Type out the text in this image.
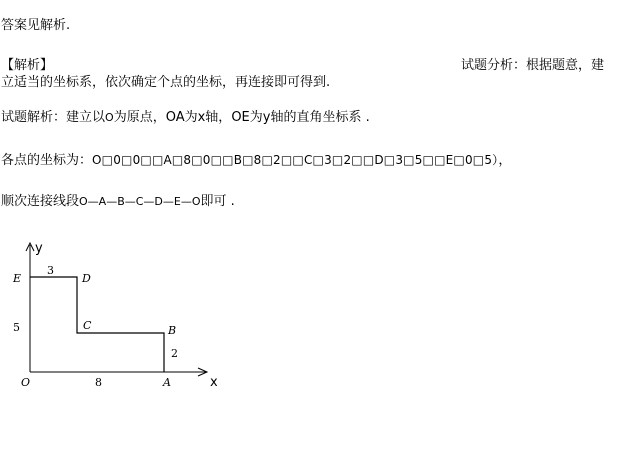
答案见解析.
【解析】	试题分析：根据题意，建
立适当的坐标系，依次确定个点的坐标，再连接即可得到.
试题解析：建立以O为原点，OA为x轴，OE为y轴的直角坐标系 .
各点的坐标为：O□0□0□□A□8□0□□B□8□2□□C□3□2□□D□3□5□□E□0□5），
顺次连接线段O—A—B—C—D—E—O即可 .
y
x
O
E	D
C	B
A
3
5
2
8
